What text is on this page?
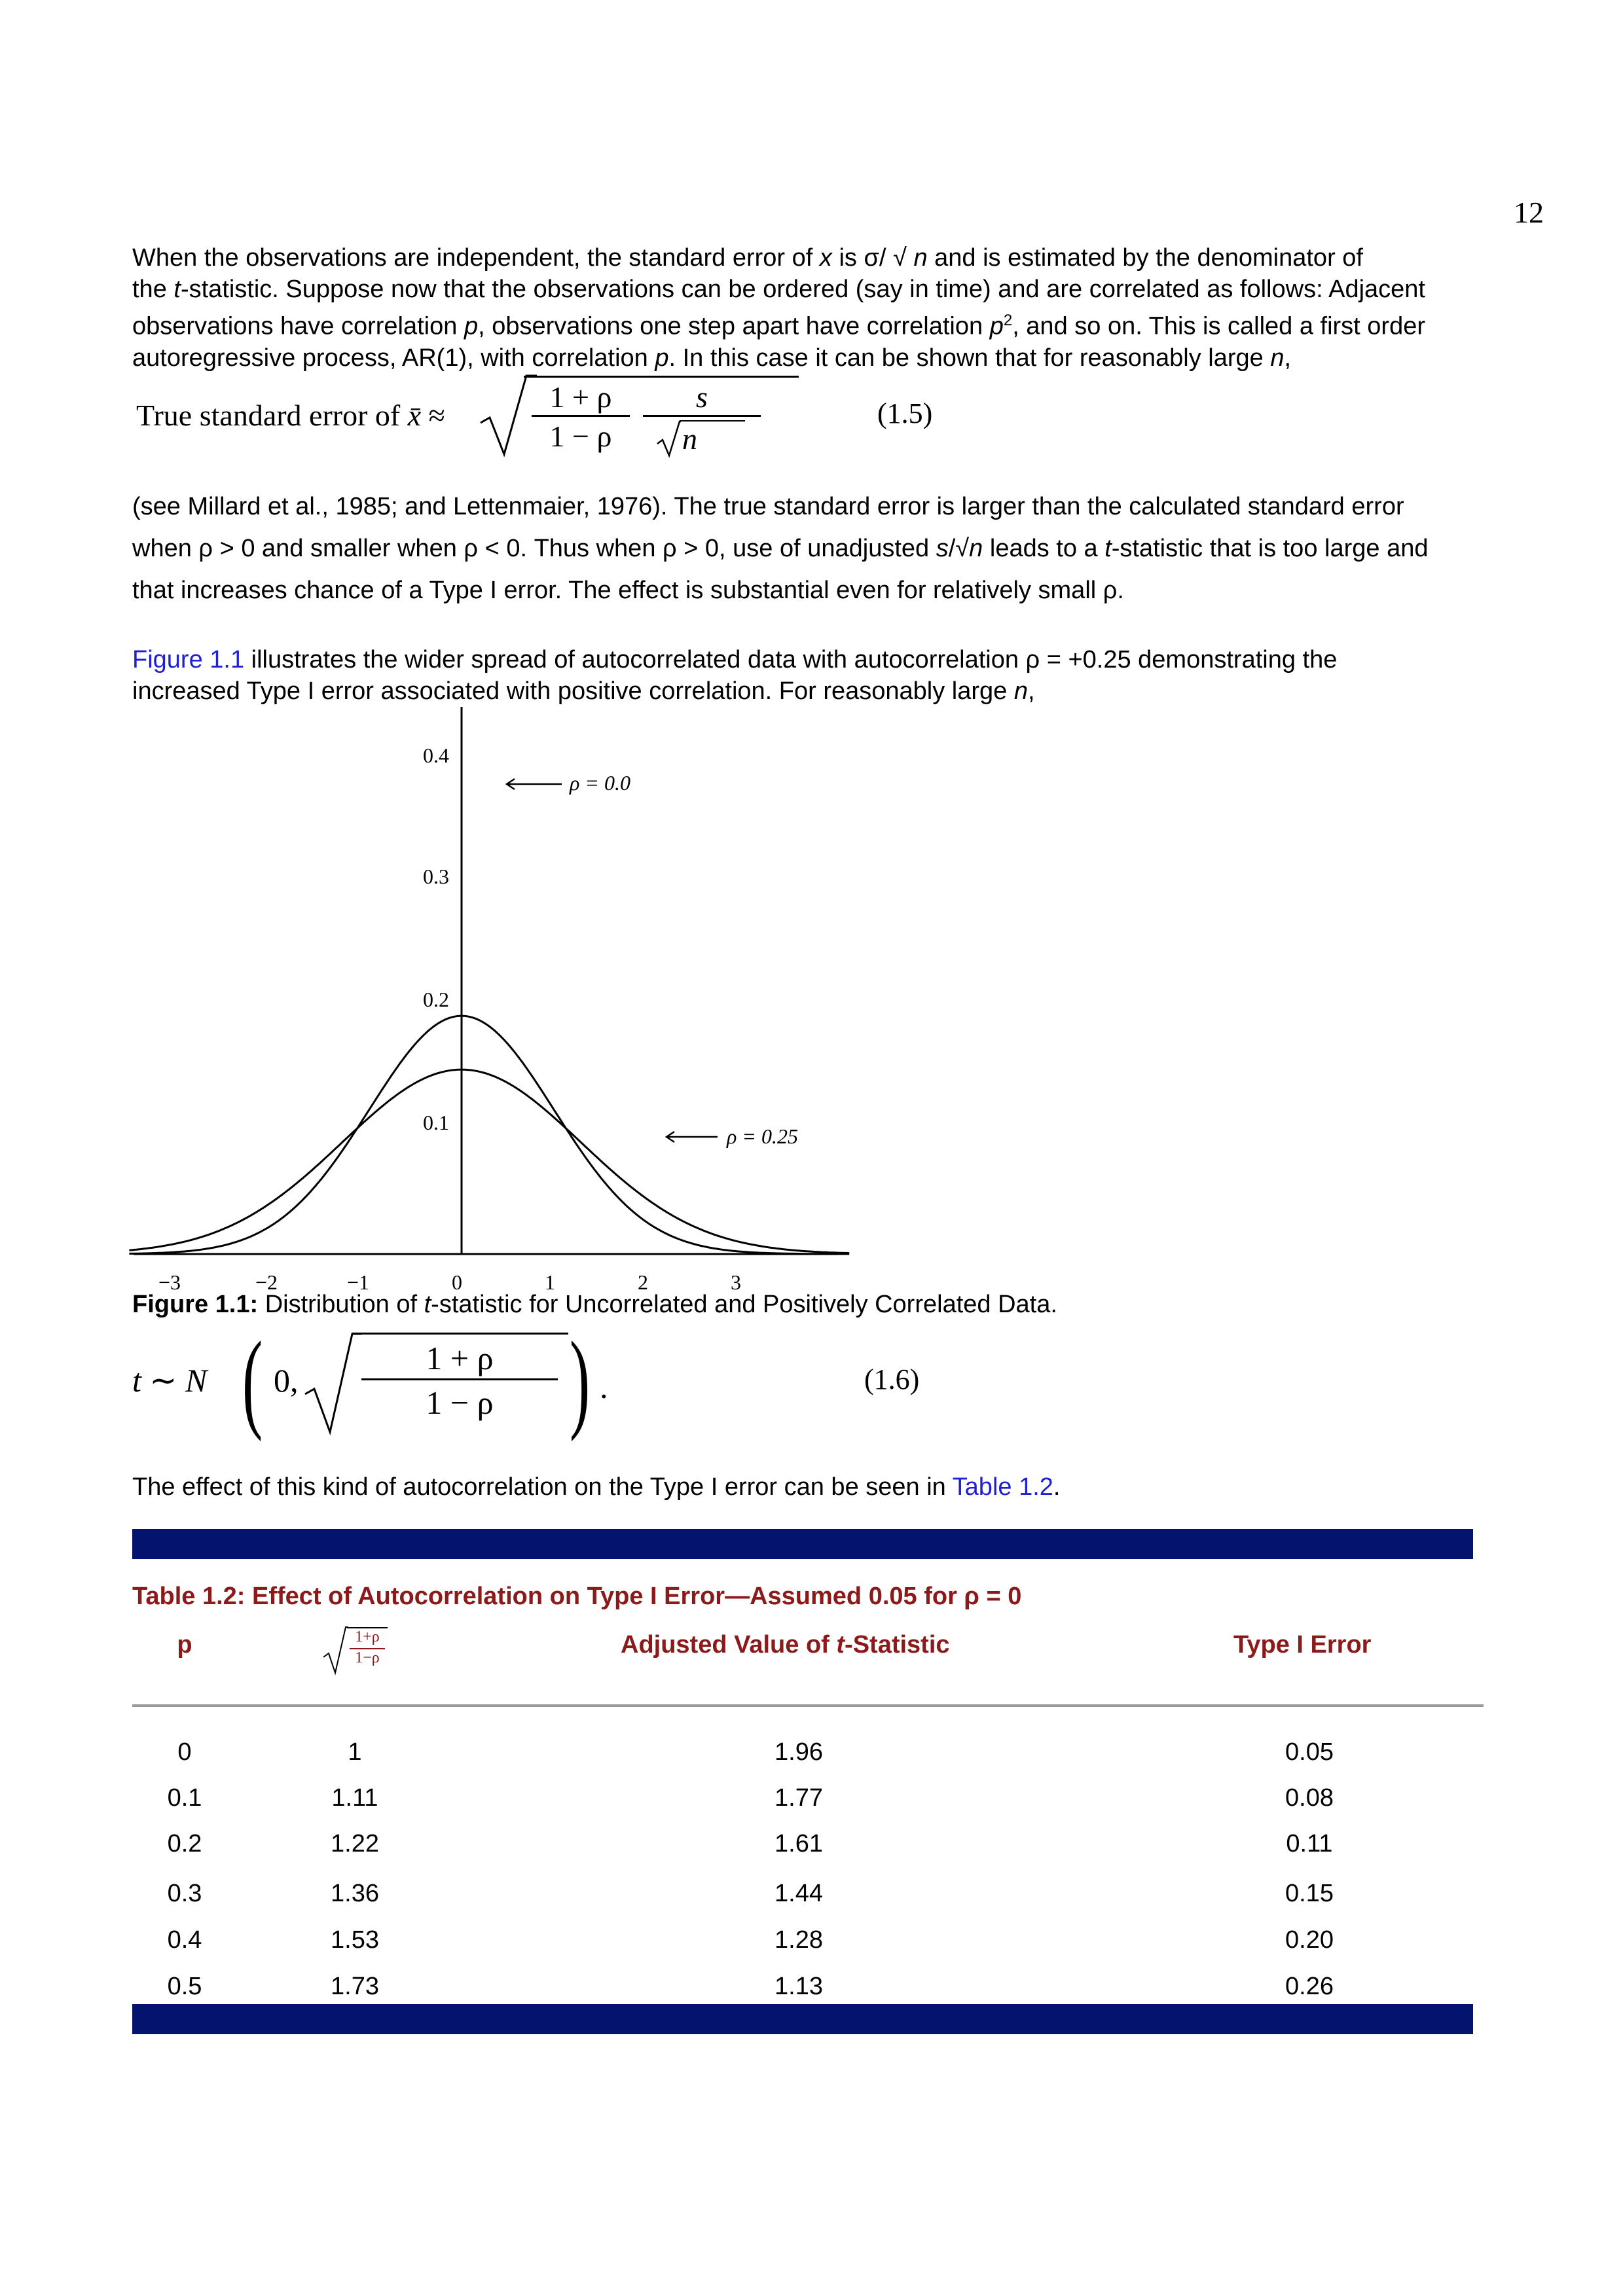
12
When the observations are independent, the standard error of x is σ/ √ n and is estimated by the denominator of
the t-statistic. Suppose now that the observations can be ordered (say in time) and are correlated as follows: Adjacent
observations have correlation p, observations one step apart have correlation $p^2$, and so on. This is called a first order
autoregressive process, AR(1), with correlation p. In this case it can be shown that for reasonably large n,
True standard error of x̄ ≈
1 + ρ
1 − ρ
s
n
(1.5)
(see Millard et al., 1985; and Lettenmaier, 1976). The true standard error is larger than the calculated standard error
when ρ > 0 and smaller when ρ < 0. Thus when ρ > 0, use of unadjusted s/√n leads to a t-statistic that is too large and
that increases chance of a Type I error. The effect is substantial even for relatively small ρ.
Figure 1.1 illustrates the wider spread of autocorrelated data with autocorrelation ρ = +0.25 demonstrating the
increased Type I error associated with positive correlation. For reasonably large n,
0.4
0.3
0.2
0.1
−3	−2	−1	0	1	2	3
ρ = 0.0
ρ = 0.25
Figure 1.1: Distribution of t-statistic for Uncorrelated and Positively Correlated Data.
t ∼ N ( 0,
1 + ρ
1 − ρ ) .	(1.6)
The effect of this kind of autocorrelation on the Type I error can be seen in Table 1.2.
Table 1.2: Effect of Autocorrelation on Type I Error—Assumed 0.05 for ρ = 0
p	1+ρ
1−ρ	Adjusted Value of t-Statistic	Type I Error
0	1	1.96	0.05
0.1	1.11	1.77	0.08
0.2	1.22	1.61	0.11
0.3	1.36	1.44	0.15
0.4	1.53	1.28	0.20
0.5	1.73	1.13	0.26
